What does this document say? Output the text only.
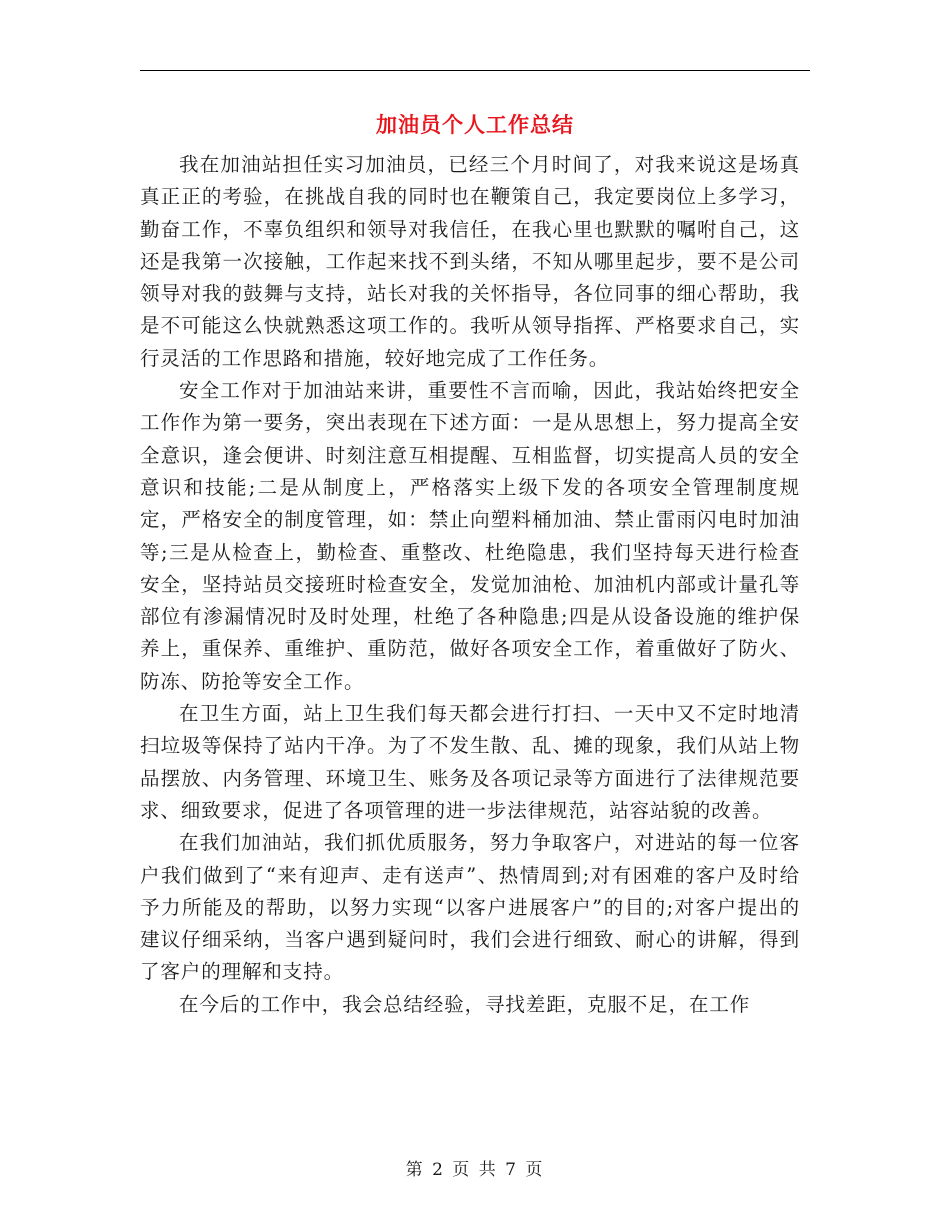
加油员个人工作总结

我在加油站担任实习加油员，已经三个月时间了，对我来说这是场真真正正的考验，在挑战自我的同时也在鞭策自己，我定要岗位上多学习，勤奋工作，不辜负组织和领导对我信任，在我心里也默默的嘱咐自己，这还是我第一次接触，工作起来找不到头绪，不知从哪里起步，要不是公司领导对我的鼓舞与支持，站长对我的关怀指导，各位同事的细心帮助，我是不可能这么快就熟悉这项工作的。我听从领导指挥、严格要求自己，实行灵活的工作思路和措施，较好地完成了工作任务。

安全工作对于加油站来讲，重要性不言而喻，因此，我站始终把安全工作作为第一要务，突出表现在下述方面：一是从思想上，努力提高全安全意识，逢会便讲、时刻注意互相提醒、互相监督，切实提高人员的安全意识和技能;二是从制度上，严格落实上级下发的各项安全管理制度规定，严格安全的制度管理，如：禁止向塑料桶加油、禁止雷雨闪电时加油等;三是从检查上，勤检查、重整改、杜绝隐患，我们坚持每天进行检查安全，坚持站员交接班时检查安全，发觉加油枪、加油机内部或计量孔等部位有渗漏情况时及时处理，杜绝了各种隐患;四是从设备设施的维护保养上，重保养、重维护、重防范，做好各项安全工作，着重做好了防火、防冻、防抢等安全工作。

在卫生方面，站上卫生我们每天都会进行打扫、一天中又不定时地清扫垃圾等保持了站内干净。为了不发生散、乱、摊的现象，我们从站上物品摆放、内务管理、环境卫生、账务及各项记录等方面进行了法律规范要求、细致要求，促进了各项管理的进一步法律规范，站容站貌的改善。

在我们加油站，我们抓优质服务，努力争取客户，对进站的每一位客户我们做到了“来有迎声、走有送声”、热情周到;对有困难的客户及时给予力所能及的帮助，以努力实现“以客户进展客户”的目的;对客户提出的建议仔细采纳，当客户遇到疑问时，我们会进行细致、耐心的讲解，得到了客户的理解和支持。

在今后的工作中，我会总结经验，寻找差距，克服不足，在工作

第 2 页 共 7 页
